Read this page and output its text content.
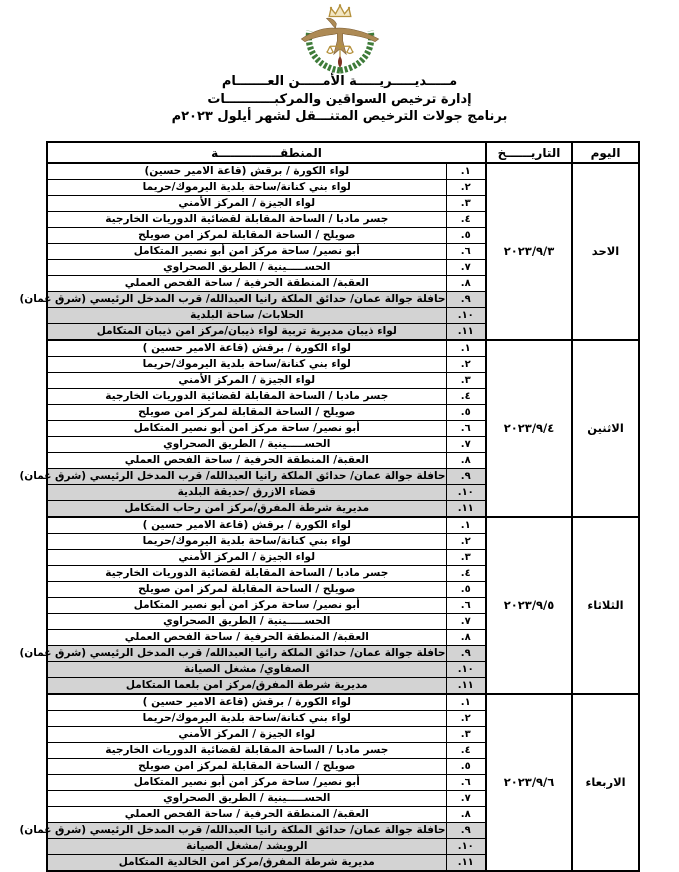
مـــــديـــــريـــــة الأمـــــن العـــــــام
إدارة ترخيص السواقين والمركبـــــــــــات
برنامج جولات الترخيص المتنـــقل لشهر أيلول ٢٠٢٣م
اليوم	التاريــــــخ	المنطقـــــــــــــــة	
الاحد	٢٠٢٣/٩/٣	١.	لواء الكورة / برقش (قاعة الامير حسين)
		٢.	لواء بني كنانة/ساحة بلدية اليرموك/حريما
		٣.	لواء الجيزة / المركز الأمني
		٤.	جسر مادبا / الساحة المقابلة لقضائية الدوريات الخارجية
		٥.	صويلح / الساحة المقابلة لمركز امن صويلح
		٦.	أبو نصير/ ساحة مركز امن أبو نصير المتكامل
		٧.	الحســـــينية / الطريق الصحراوي
		٨.	العقبة/ المنطقة الحرفية / ساحة الفحص العملي
		٩.	حافلة جوالة عمان/ حدائق الملكة رانيا العبدالله/ قرب المدخل الرئيسي (شرق عمان)
		١٠.	الحلابات/ ساحة البلدية
		١١.	لواء ذيبان مديرية تربية لواء ذيبان/مركز امن ذيبان المتكامل
الاثنين	٢٠٢٣/٩/٤	١.	لواء الكورة / برقش (قاعة الامير حسين )
		٢.	لواء بني كنانة/ساحة بلدية اليرموك/حريما
		٣.	لواء الجيزة / المركز الأمني
		٤.	جسر مادبا / الساحة المقابلة لقضائية الدوريات الخارجية
		٥.	صويلح / الساحة المقابلة لمركز امن صويلح
		٦.	أبو نصير/ ساحة مركز امن أبو نصير المتكامل
		٧.	الحســـــينية / الطريق الصحراوي
		٨.	العقبة/ المنطقة الحرفية / ساحة الفحص العملي
		٩.	حافلة جوالة عمان/ حدائق الملكة رانيا العبدالله/ قرب المدخل الرئيسي (شرق عمان)
		١٠.	قضاء الازرق /حديقة البلدية
		١١.	مديرية شرطة المفرق/مركز امن رحاب المتكامل
الثلاثاء	٢٠٢٣/٩/٥	١.	لواء الكورة / برقش (قاعة الامير حسين )
		٢.	لواء بني كنانة/ساحة بلدية اليرموك/حريما
		٣.	لواء الجيزة / المركز الأمني
		٤.	جسر مادبا / الساحة المقابلة لقضائية الدوريات الخارجية
		٥.	صويلح / الساحة المقابلة لمركز امن صويلح
		٦.	أبو نصير/ ساحة مركز امن أبو نصير المتكامل
		٧.	الحســـــينية / الطريق الصحراوي
		٨.	العقبة/ المنطقة الحرفية / ساحة الفحص العملي
		٩.	حافلة جوالة عمان/ حدائق الملكة رانيا العبدالله/ قرب المدخل الرئيسي (شرق عمان)
		١٠.	الصفاوي/ مشغل الصيانة
		١١.	مديرية شرطة المفرق/مركز امن بلعما المتكامل
الاربعاء	٢٠٢٣/٩/٦	١.	لواء الكورة / برقش (قاعة الامير حسين )
		٢.	لواء بني كنانة/ساحة بلدية اليرموك/حريما
		٣.	لواء الجيزة / المركز الأمني
		٤.	جسر مادبا / الساحة المقابلة لقضائية الدوريات الخارجية
		٥.	صويلح / الساحة المقابلة لمركز امن صويلح
		٦.	أبو نصير/ ساحة مركز امن أبو نصير المتكامل
		٧.	الحســـــينية / الطريق الصحراوي
		٨.	العقبة/ المنطقة الحرفية / ساحة الفحص العملي
		٩.	حافلة جوالة عمان/ حدائق الملكة رانيا العبدالله/ قرب المدخل الرئيسي (شرق عمان)
		١٠.	الرويشد /مشغل الصيانة
		١١.	مديرية شرطة المفرق/مركز امن الخالدية المتكامل
